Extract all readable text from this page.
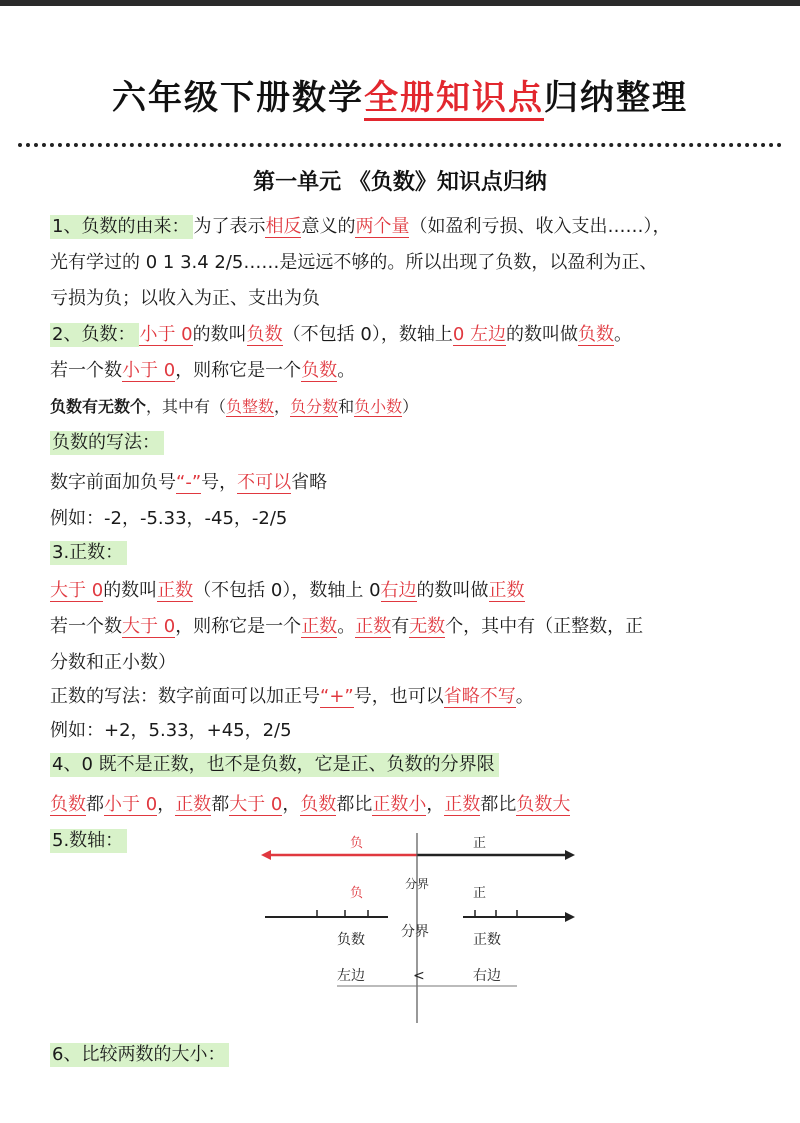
六年级下册数学全册知识点归纳整理
第一单元 《负数》知识点归纳
1、负数的由来： 为了表示相反意义的两个量（如盈利亏损、收入支出……），
光有学过的 0 1 3.4 2/5……是远远不够的。所以出现了负数，以盈利为正、
亏损为负；以收入为正、支出为负
2、负数： 小于 0的数叫负数（不包括 0），数轴上0 左边的数叫做负数。
若一个数小于 0，则称它是一个负数。
负数有无数个，其中有（负整数，负分数和负小数）
负数的写法：
数字前面加负号“-”号，不可以省略
例如：-2，-5.33，-45，-2/5
3.正数：
大于 0的数叫正数（不包括 0），数轴上 0右边的数叫做正数
若一个数大于 0，则称它是一个正数。正数有无数个，其中有（正整数，正
分数和正小数）
正数的写法：数字前面可以加正号“+”号，也可以省略不写。
例如：+2，5.33，+45，2/5
4、0 既不是正数，也不是负数，它是正、负数的分界限
负数都小于 0，正数都大于 0，负数都比正数小，正数都比负数大
5.数轴：	负	正
负	正
分界
分界
负数	正数
左边	<	右边
6、比较两数的大小：
